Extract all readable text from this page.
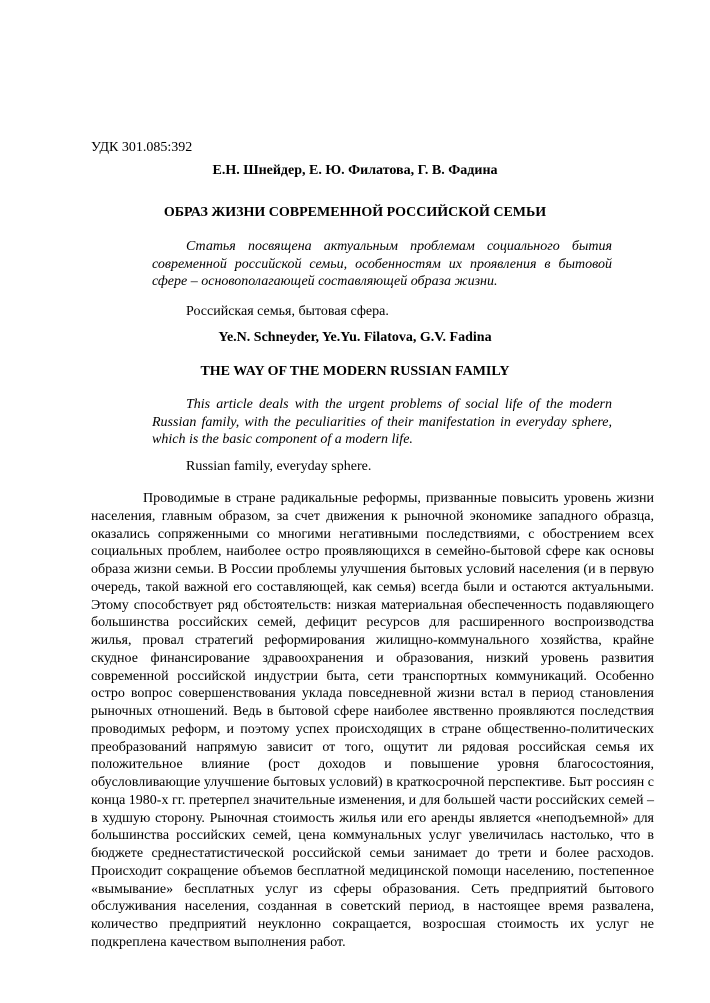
УДК 301.085:392

Е.Н. Шнейдер, Е. Ю. Филатова, Г. В. Фадина

ОБРАЗ ЖИЗНИ СОВРЕМЕННОЙ РОССИЙСКОЙ СЕМЬИ

Статья посвящена актуальным проблемам социального бытия современной российской семьи, особенностям их проявления в бытовой сфере – основополагающей составляющей образа жизни.

Российская семья, бытовая сфера.

Ye.N. Schneyder, Ye.Yu. Filatova, G.V. Fadina

THE WAY OF THE MODERN RUSSIAN FAMILY

This article deals with the urgent problems of social life of the modern Russian family, with the peculiarities of their manifestation in everyday sphere, which is the basic component of a modern life.

Russian family, everyday sphere.

Проводимые в стране радикальные реформы, призванные повысить уровень жизни населения, главным образом, за счет движения к рыночной экономике западного образца, оказались сопряженными со многими негативными последствиями, с обострением всех социальных проблем, наиболее остро проявляющихся в семейно-бытовой сфере как основы образа жизни семьи. В России проблемы улучшения бытовых условий населения (и в первую очередь, такой важной его составляющей, как семья) всегда были и остаются актуальными. Этому способствует ряд обстоятельств: низкая материальная обеспеченность подавляющего большинства российских семей, дефицит ресурсов для расширенного воспроизводства жилья, провал стратегий реформирования жилищно-коммунального хозяйства, крайне скудное финансирование здравоохранения и образования, низкий уровень развития современной российской индустрии быта, сети транспортных коммуникаций. Особенно остро вопрос совершенствования уклада повседневной жизни встал в период становления рыночных отношений. Ведь в бытовой сфере наиболее явственно проявляются последствия проводимых реформ, и поэтому успех происходящих в стране общественно-политических преобразований напрямую зависит от того, ощутит ли рядовая российская семья их положительное влияние (рост доходов и повышение уровня благосостояния, обусловливающие улучшение бытовых условий) в краткосрочной перспективе. Быт россиян с конца 1980-х гг. претерпел значительные изменения, и для большей части российских семей – в худшую сторону. Рыночная стоимость жилья или его аренды является «неподъемной» для большинства российских семей, цена коммунальных услуг увеличилась настолько, что в бюджете среднестатистической российской семьи занимает до трети и более расходов. Происходит сокращение объемов бесплатной медицинской помощи населению, постепенное «вымывание» бесплатных услуг из сферы образования. Сеть предприятий бытового обслуживания населения, созданная в советский период, в настоящее время развалена, количество предприятий неуклонно сокращается, возросшая стоимость их услуг не подкреплена качеством выполнения работ.
